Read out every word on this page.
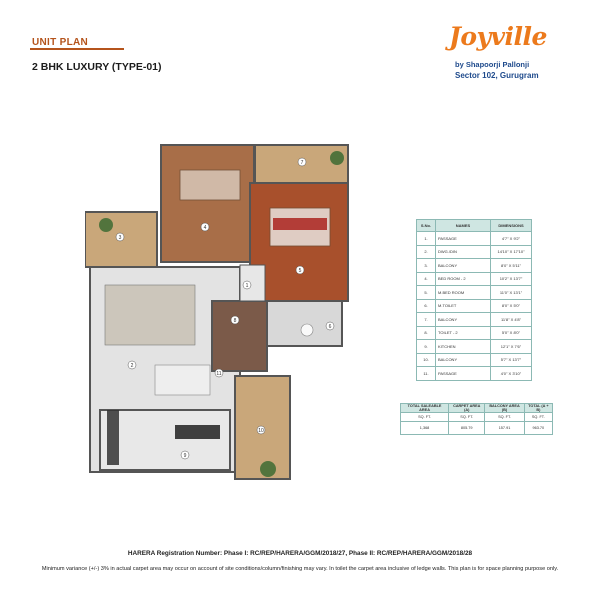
UNIT PLAN
2 BHK LUXURY (TYPE-01)
Joyville
by Shapoorji Pallonji
Sector 102, Gurugram
1
2
3
4
5
6
7
8
9
10
11
S.No.	NAMES	DIMENSIONS
1.	PASSAGE	4'7" X 9'2"
2.	DWG./DIN	14'10" X 17'10"
3.	BALCONY	8'0" X 5'11"
4.	BED ROOM - 2	10'2" X 13'7"
5.	M.BED ROOM	11'0" X 13'1"
6.	M.TOILET	8'0" X 5'0"
7.	BALCONY	11'8" X 4'8"
8.	TOILET - 2	5'0" X 8'0"
9.	KITCHEN	12'1" X 7'6"
10.	BALCONY	5'7" X 13'7"
11.	PASSAGE	4'0" X 3'10"
TOTAL SALEABLE AREA	CARPET AREA (A)	BALCONY AREA (B)	TOTAL (A + B)
SQ. FT.	SQ. FT.	SQ. FT.	SQ. FT.
1,368	805.79	157.91	963.70
HARERA Registration Number: Phase I: RC/REP/HARERA/GGM/2018/27, Phase II: RC/REP/HARERA/GGM/2018/28
Minimum variance (+/-) 3% in actual carpet area may occur on account of site conditions/column/finishing may vary. In toilet the carpet area inclusive of ledge walls. This plan is for space planning purpose only.
